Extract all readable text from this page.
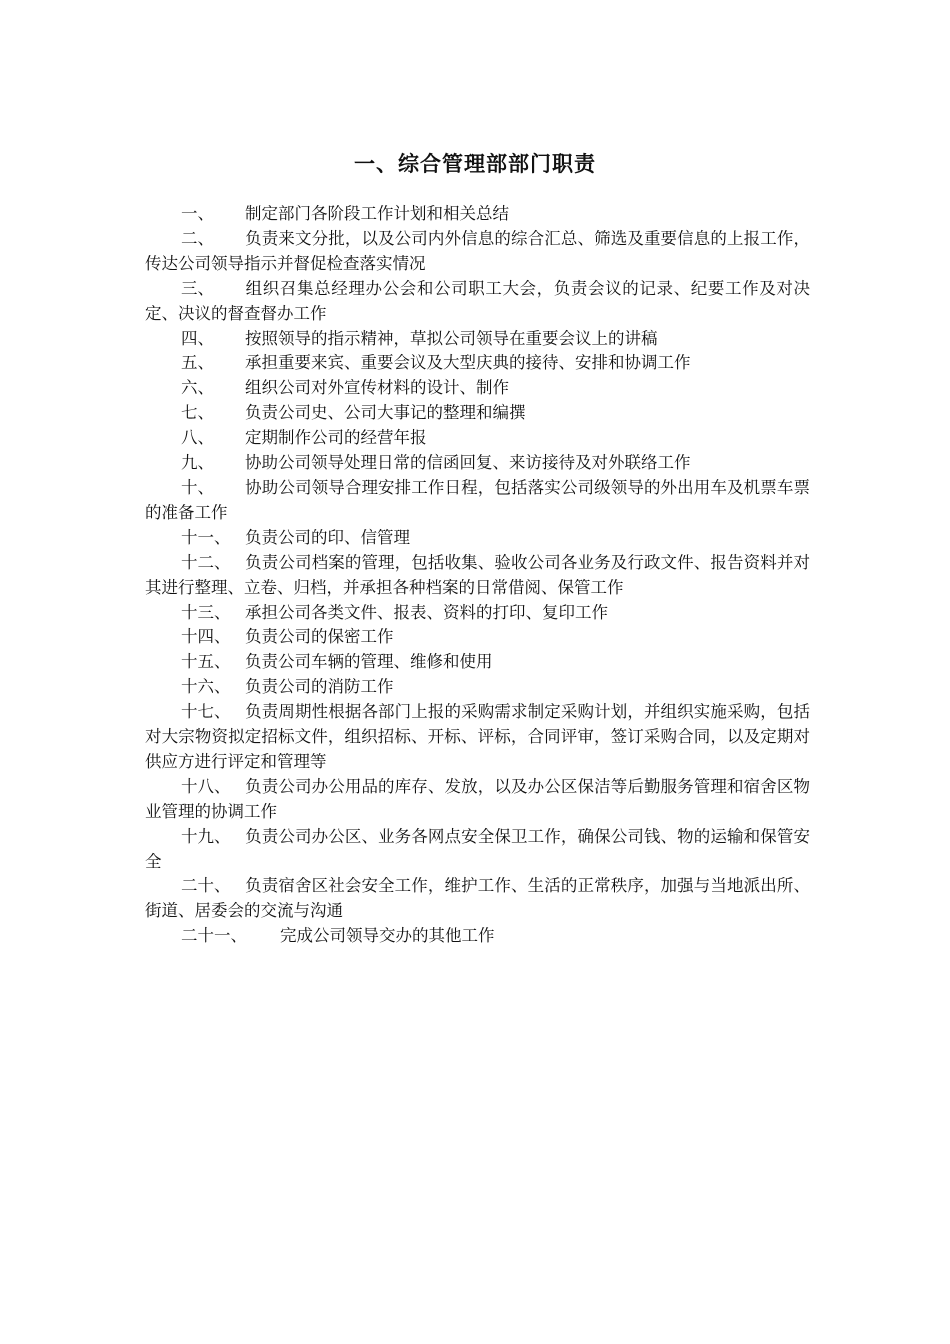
一、综合管理部部门职责

一、 制定部门各阶段工作计划和相关总结

二、 负责来文分批，以及公司内外信息的综合汇总、筛选及重要信息的上报工作，传达公司领导指示并督促检查落实情况

三、 组织召集总经理办公会和公司职工大会，负责会议的记录、纪要工作及对决定、决议的督查督办工作

四、 按照领导的指示精神，草拟公司领导在重要会议上的讲稿

五、 承担重要来宾、重要会议及大型庆典的接待、安排和协调工作

六、 组织公司对外宣传材料的设计、制作

七、 负责公司史、公司大事记的整理和编撰

八、 定期制作公司的经营年报

九、 协助公司领导处理日常的信函回复、来访接待及对外联络工作

十、 协助公司领导合理安排工作日程，包括落实公司级领导的外出用车及机票车票的准备工作

十一、 负责公司的印、信管理

十二、 负责公司档案的管理，包括收集、验收公司各业务及行政文件、报告资料并对其进行整理、立卷、归档，并承担各种档案的日常借阅、保管工作

十三、 承担公司各类文件、报表、资料的打印、复印工作

十四、 负责公司的保密工作

十五、 负责公司车辆的管理、维修和使用

十六、 负责公司的消防工作

十七、 负责周期性根据各部门上报的采购需求制定采购计划，并组织实施采购，包括对大宗物资拟定招标文件，组织招标、开标、评标，合同评审，签订采购合同，以及定期对供应方进行评定和管理等

十八、 负责公司办公用品的库存、发放，以及办公区保洁等后勤服务管理和宿舍区物业管理的协调工作

十九、 负责公司办公区、业务各网点安全保卫工作，确保公司钱、物的运输和保管安全

二十、 负责宿舍区社会安全工作，维护工作、生活的正常秩序，加强与当地派出所、街道、居委会的交流与沟通

二十一、 完成公司领导交办的其他工作
